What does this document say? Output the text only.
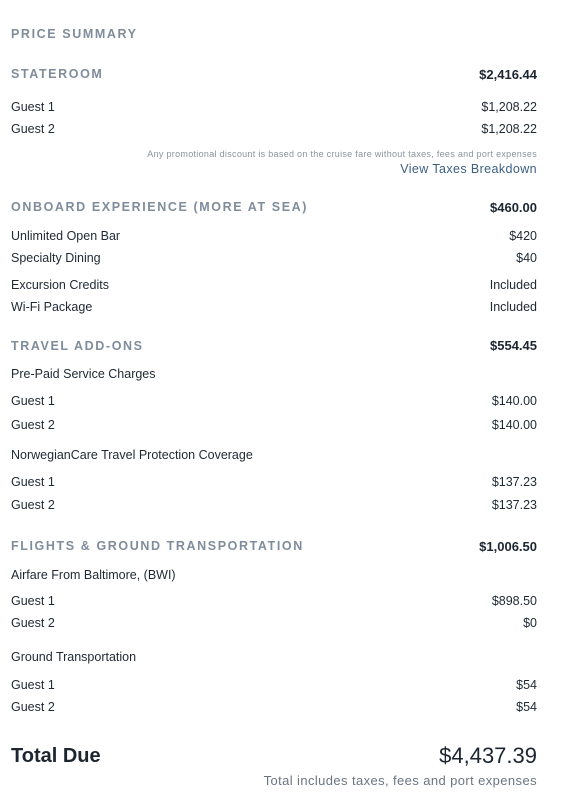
PRICE SUMMARY
STATEROOM	$2,416.44
Guest 1	$1,208.22
Guest 2	$1,208.22
Any promotional discount is based on the cruise fare without taxes, fees and port expenses
View Taxes Breakdown
ONBOARD EXPERIENCE (MORE AT SEA)	$460.00
Unlimited Open Bar	$420
Specialty Dining	$40
Excursion Credits	Included
Wi-Fi Package	Included
TRAVEL ADD-ONS	$554.45
Pre-Paid Service Charges
Guest 1	$140.00
Guest 2	$140.00
NorwegianCare Travel Protection Coverage
Guest 1	$137.23
Guest 2	$137.23
FLIGHTS & GROUND TRANSPORTATION	$1,006.50
Airfare From Baltimore, (BWI)
Guest 1	$898.50
Guest 2	$0
Ground Transportation
Guest 1	$54
Guest 2	$54
Total Due	$4,437.39
Total includes taxes, fees and port expenses
